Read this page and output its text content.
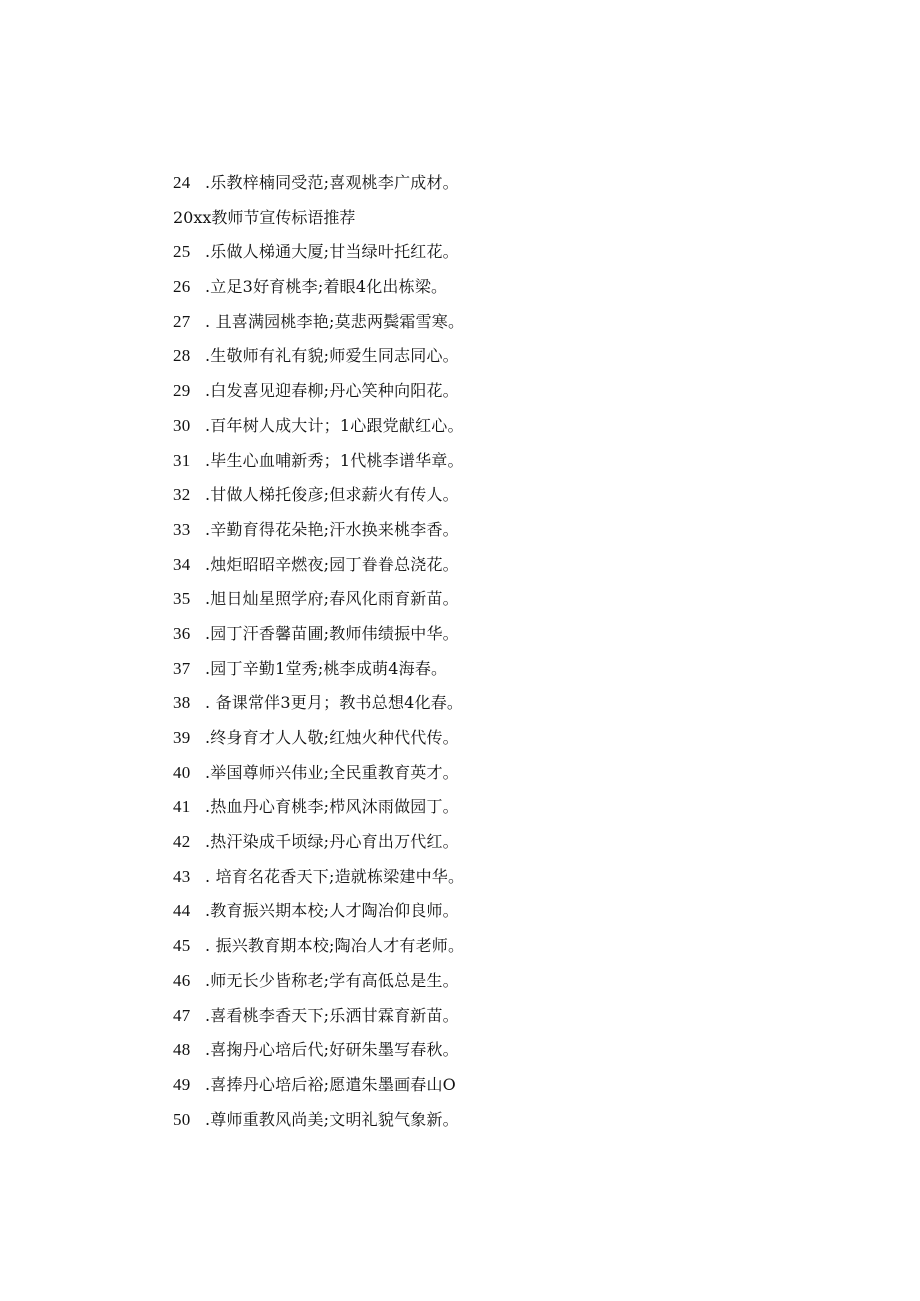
24 .乐教梓楠同受范;喜观桃李广成材。
20xx教师节宣传标语推荐
25 .乐做人梯通大厦;甘当绿叶托红花。
26 .立足3好育桃李;着眼4化出栋梁。
27 . 且喜满园桃李艳;莫悲两鬓霜雪寒。
28 .生敬师有礼有貌;师爱生同志同心。
29 .白发喜见迎春柳;丹心笑种向阳花。
30 .百年树人成大计；1心跟党献红心。
31 .毕生心血哺新秀；1代桃李谱华章。
32 .甘做人梯托俊彦;但求薪火有传人。
33 .辛勤育得花朵艳;汗水换来桃李香。
34 .烛炬昭昭辛燃夜;园丁眷眷总浇花。
35 .旭日灿星照学府;春风化雨育新苗。
36 .园丁汗香馨苗圃;教师伟绩振中华。
37 .园丁辛勤1堂秀;桃李成萌4海春。
38 . 备课常伴3更月；教书总想4化春。
39 .终身育才人人敬;红烛火种代代传。
40 .举国尊师兴伟业;全民重教育英才。
41 .热血丹心育桃李;栉风沐雨做园丁。
42 .热汗染成千顷绿;丹心育出万代红。
43 . 培育名花香天下;造就栋梁建中华。
44 .教育振兴期本校;人才陶冶仰良师。
45 . 振兴教育期本校;陶冶人才有老师。
46 .师无长少皆称老;学有高低总是生。
47 .喜看桃李香天下;乐洒甘霖育新苗。
48 .喜掬丹心培后代;好研朱墨写春秋。
49 .喜捧丹心培后裕;愿遣朱墨画春山O
50 .尊师重教风尚美;文明礼貌气象新。
